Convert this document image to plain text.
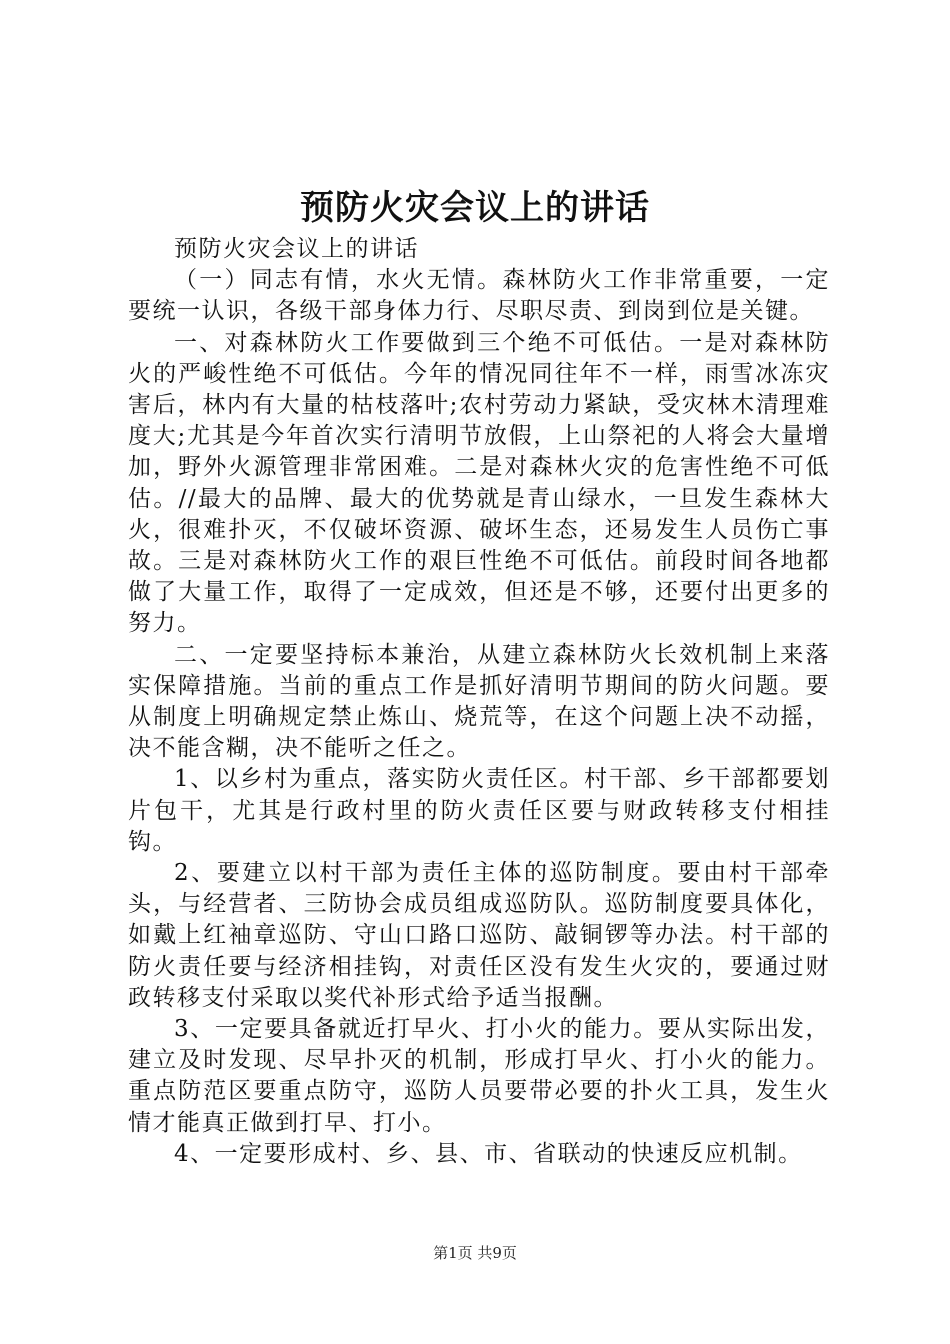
预防火灾会议上的讲话

预防火灾会议上的讲话

（一）同志有情，水火无情。森林防火工作非常重要，一定要统一认识，各级干部身体力行、尽职尽责、到岗到位是关键。

一、对森林防火工作要做到三个绝不可低估。一是对森林防火的严峻性绝不可低估。今年的情况同往年不一样，雨雪冰冻灾害后，林内有大量的枯枝落叶;农村劳动力紧缺，受灾林木清理难度大;尤其是今年首次实行清明节放假，上山祭祀的人将会大量增加，野外火源管理非常困难。二是对森林火灾的危害性绝不可低估。//最大的品牌、最大的优势就是青山绿水，一旦发生森林大火，很难扑灭，不仅破坏资源、破坏生态，还易发生人员伤亡事故。三是对森林防火工作的艰巨性绝不可低估。前段时间各地都做了大量工作，取得了一定成效，但还是不够，还要付出更多的努力。

二、一定要坚持标本兼治，从建立森林防火长效机制上来落实保障措施。当前的重点工作是抓好清明节期间的防火问题。要从制度上明确规定禁止炼山、烧荒等，在这个问题上决不动摇，决不能含糊，决不能听之任之。

1、以乡村为重点，落实防火责任区。村干部、乡干部都要划片包干，尤其是行政村里的防火责任区要与财政转移支付相挂钩。

2、要建立以村干部为责任主体的巡防制度。要由村干部牵头，与经营者、三防协会成员组成巡防队。巡防制度要具体化，如戴上红袖章巡防、守山口路口巡防、敲铜锣等办法。村干部的防火责任要与经济相挂钩，对责任区没有发生火灾的，要通过财政转移支付采取以奖代补形式给予适当报酬。

3、一定要具备就近打早火、打小火的能力。要从实际出发，建立及时发现、尽早扑灭的机制，形成打早火、打小火的能力。重点防范区要重点防守，巡防人员要带必要的扑火工具，发生火情才能真正做到打早、打小。

4、一定要形成村、乡、县、市、省联动的快速反应机制。

第1页 共9页
